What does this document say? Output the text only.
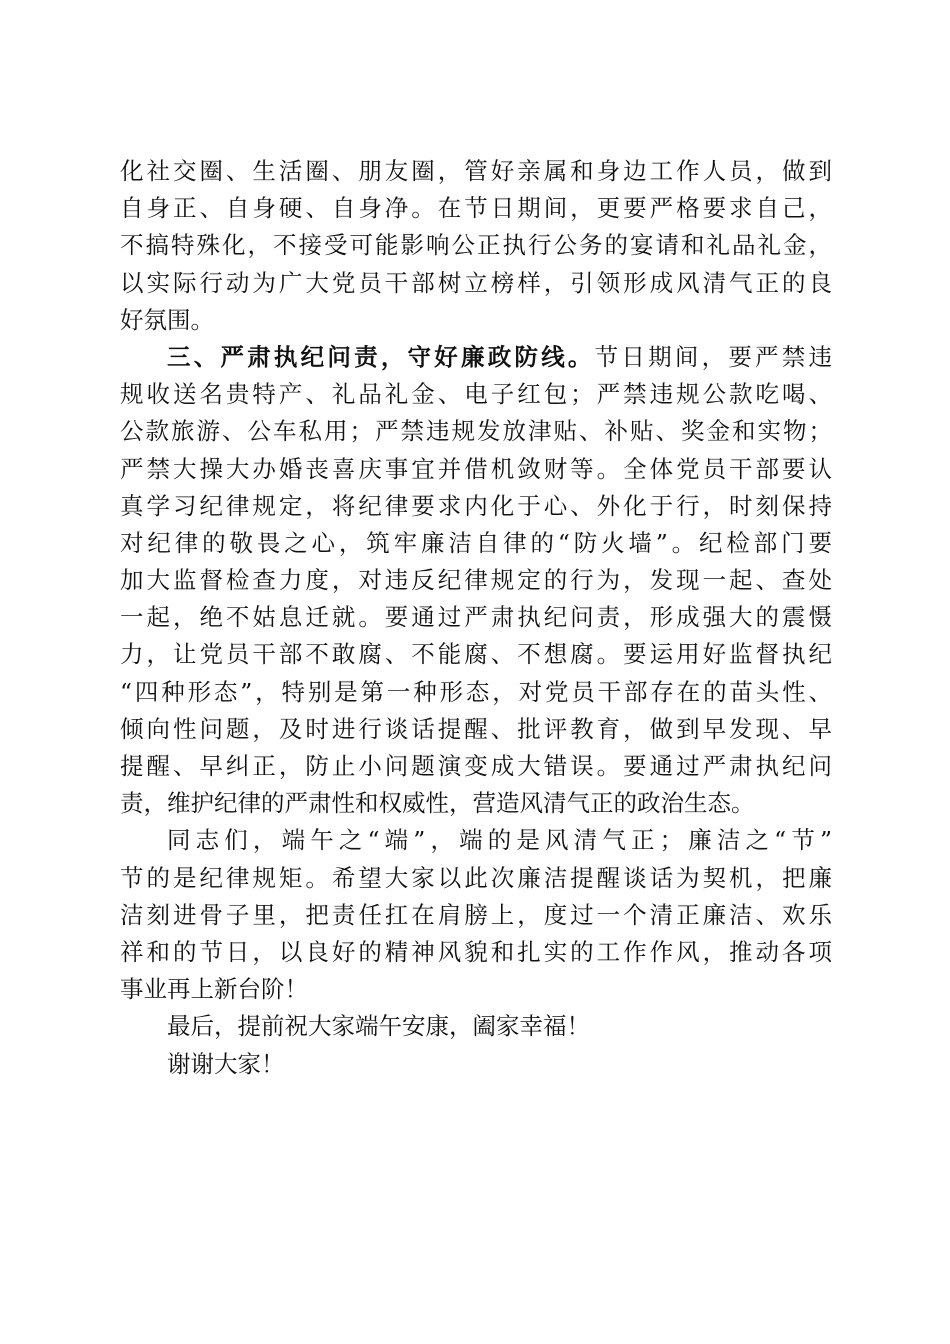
化社交圈、生活圈、朋友圈，管好亲属和身边工作人员，做到
自身正、自身硬、自身净。在节日期间，更要严格要求自己，
不搞特殊化，不接受可能影响公正执行公务的宴请和礼品礼金，
以实际行动为广大党员干部树立榜样，引领形成风清气正的良
好氛围。
三、严肃执纪问责，守好廉政防线。节日期间，要严禁违
规收送名贵特产、礼品礼金、电子红包；严禁违规公款吃喝、
公款旅游、公车私用；严禁违规发放津贴、补贴、奖金和实物；
严禁大操大办婚丧喜庆事宜并借机敛财等。全体党员干部要认
真学习纪律规定，将纪律要求内化于心、外化于行，时刻保持
对纪律的敬畏之心，筑牢廉洁自律的“防火墙”。纪检部门要
加大监督检查力度，对违反纪律规定的行为，发现一起、查处
一起，绝不姑息迁就。要通过严肃执纪问责，形成强大的震慑
力，让党员干部不敢腐、不能腐、不想腐。要运用好监督执纪
“四种形态”，特别是第一种形态，对党员干部存在的苗头性、
倾向性问题，及时进行谈话提醒、批评教育，做到早发现、早
提醒、早纠正，防止小问题演变成大错误。要通过严肃执纪问
责，维护纪律的严肃性和权威性，营造风清气正的政治生态。
同志们，端午之“端”，端的是风清气正；廉洁之“节”
节的是纪律规矩。希望大家以此次廉洁提醒谈话为契机，把廉
洁刻进骨子里，把责任扛在肩膀上，度过一个清正廉洁、欢乐
祥和的节日，以良好的精神风貌和扎实的工作作风，推动各项
事业再上新台阶！
最后，提前祝大家端午安康，阖家幸福！
谢谢大家！
